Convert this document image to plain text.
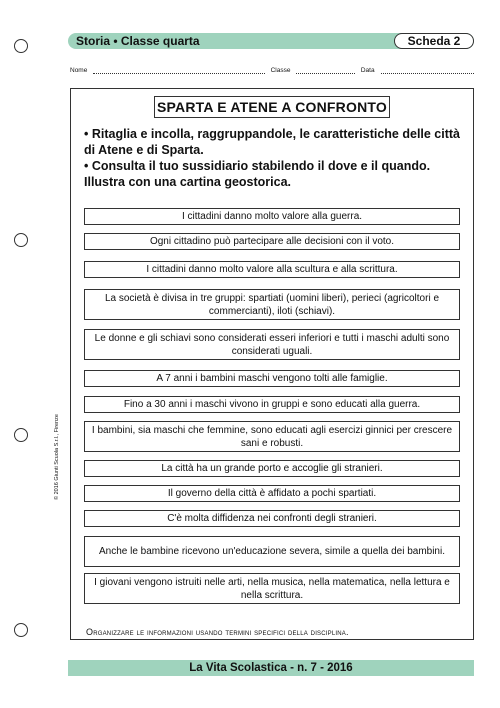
Storia • Classe quarta	Scheda 2
Nome	Classe	Data
SPARTA E ATENE A CONFRONTO

• Ritaglia e incolla, raggruppandole, le caratteristiche delle città di Atene e di Sparta.

• Consulta il tuo sussidiario stabilendo il dove e il quando. Illustra con una cartina geostorica.

I cittadini danno molto valore alla guerra.
Ogni cittadino può partecipare alle decisioni con il voto.
I cittadini danno molto valore alla scultura e alla scrittura.
La società è divisa in tre gruppi: spartiati (uomini liberi), perieci (agricoltori e commercianti), iloti (schiavi).
Le donne e gli schiavi sono considerati esseri inferiori e tutti i maschi adulti sono considerati uguali.
A 7 anni i bambini maschi vengono tolti alle famiglie.
Fino a 30 anni i maschi vivono in gruppi e sono educati alla guerra.
I bambini, sia maschi che femmine, sono educati agli esercizi ginnici per crescere sani e robusti.
La città ha un grande porto e accoglie gli stranieri.
Il governo della città è affidato a pochi spartiati.
C'è molta diffidenza nei confronti degli stranieri.
Anche le bambine ricevono un'educazione severa, simile a quella dei bambini.
I giovani vengono istruiti nelle arti, nella musica, nella matematica, nella lettura e nella scrittura.
Organizzare le informazioni usando termini specifici della disciplina.
© 2016 Giunti Scuola S.r.l., Firenze
La Vita Scolastica - n. 7 - 2016
